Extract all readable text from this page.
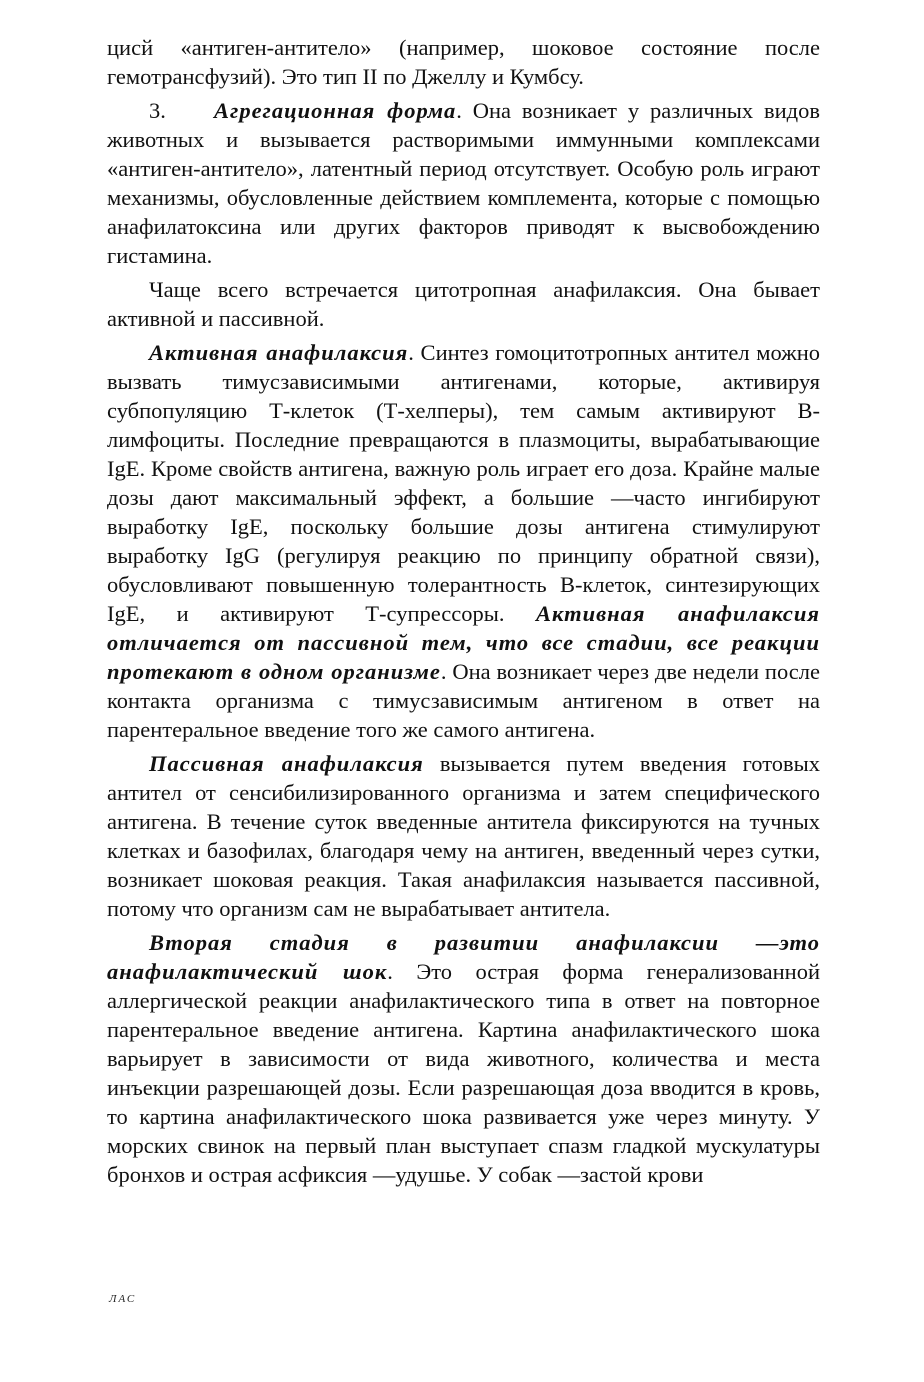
цисй «антиген-антитело» (например, шоковое состояние после гемотрансфузий). Это тип II по Джеллу и Кумбсу.

3. Агрегационная форма. Она возникает у различных видов животных и вызывается растворимыми иммунными комплексами «антиген-антитело», латентный период отсутствует. Особую роль играют механизмы, обусловленные действием комплемента, которые с помощью анафилатоксина или других факторов приводят к высвобождению гистамина.

Чаще всего встречается цитотропная анафилаксия. Она бывает активной и пассивной.

Активная анафилаксия. Синтез гомоцитотропных антител можно вызвать тимусзависимыми антигенами, которые, активируя субпопуляцию Т-клеток (Т-хелперы), тем самым активируют В-лимфоциты. Последние превращаются в плазмоциты, вырабатывающие IgE. Кроме свойств антигена, важную роль играет его доза. Крайне малые дозы дают максимальный эффект, а большие —часто ингибируют выработку IgE, поскольку большие дозы антигена стимулируют выработку IgG (регулируя реакцию по принципу обратной связи), обусловливают повышенную толерантность В-клеток, синтезирующих IgE, и активируют Т-супрессоры. Активная анафилаксия отличается от пассивной тем, что все стадии, все реакции протекают в одном организме. Она возникает через две недели после контакта организма с тимусзависимым антигеном в ответ на парентеральное введение того же самого антигена.

Пассивная анафилаксия вызывается путем введения готовых антител от сенсибилизированного организма и затем специфического антигена. В течение суток введенные антитела фиксируются на тучных клетках и базофилах, благодаря чему на антиген, введенный через сутки, возникает шоковая реакция. Такая анафилаксия называется пассивной, потому что организм сам не вырабатывает антитела.

Вторая стадия в развитии анафилаксии —это анафилактический шок. Это острая форма генерализованной аллергической реакции анафилактического типа в ответ на повторное парентеральное введение антигена. Картина анафилактического шока варьирует в зависимости от вида животного, количества и места инъекции разрешающей дозы. Если разрешающая доза вводится в кровь, то картина анафилактического шока развивается уже через минуту. У морских свинок на первый план выступает спазм гладкой мускулатуры бронхов и острая асфиксия —удушье. У собак —застой крови

ЛАС
